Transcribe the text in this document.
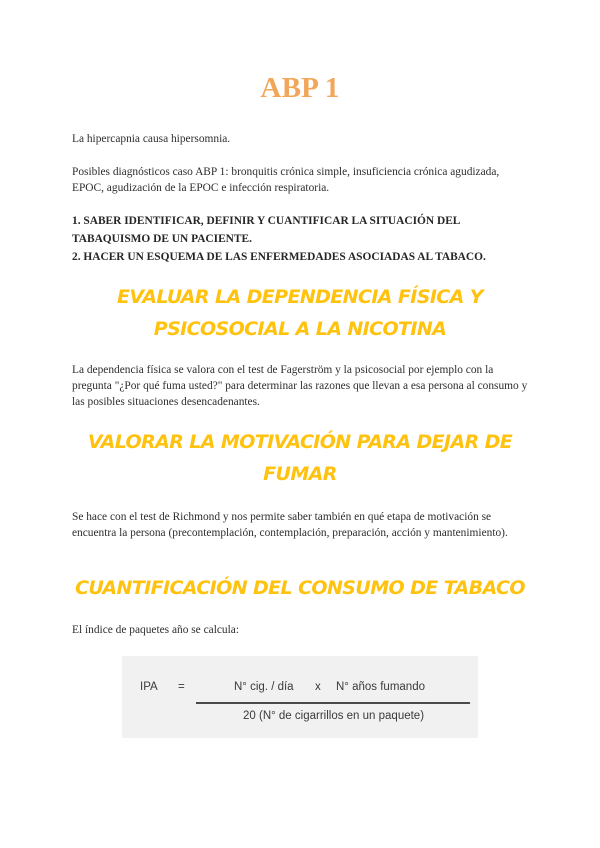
ABP 1
La hipercapnia causa hipersomnia.
Posibles diagnósticos caso ABP 1: bronquitis crónica simple, insuficiencia crónica agudizada, EPOC, agudización de la EPOC e infección respiratoria.
1. SABER IDENTIFICAR, DEFINIR Y CUANTIFICAR LA SITUACIÓN DEL
TABAQUISMO DE UN PACIENTE.
2. HACER UN ESQUEMA DE LAS ENFERMEDADES ASOCIADAS AL TABACO.
EVALUAR LA DEPENDENCIA FÍSICA Y
PSICOSOCIAL A LA NICOTINA
La dependencia física se valora con el test de Fagerström y la psicosocial por ejemplo con la pregunta "¿Por qué fuma usted?" para determinar las razones que llevan a esa persona al consumo y las posibles situaciones desencadenantes.
VALORAR LA MOTIVACIÓN PARA DEJAR DE
FUMAR
Se hace con el test de Richmond y nos permite saber también en qué etapa de motivación se encuentra la persona (precontemplación, contemplación, preparación, acción y mantenimiento).
CUANTIFICACIÓN DEL CONSUMO DE TABACO
El índice de paquetes año se calcula:
IPA =	N° cig. / día x N° años fumando
20 (N° de cigarrillos en un paquete)
